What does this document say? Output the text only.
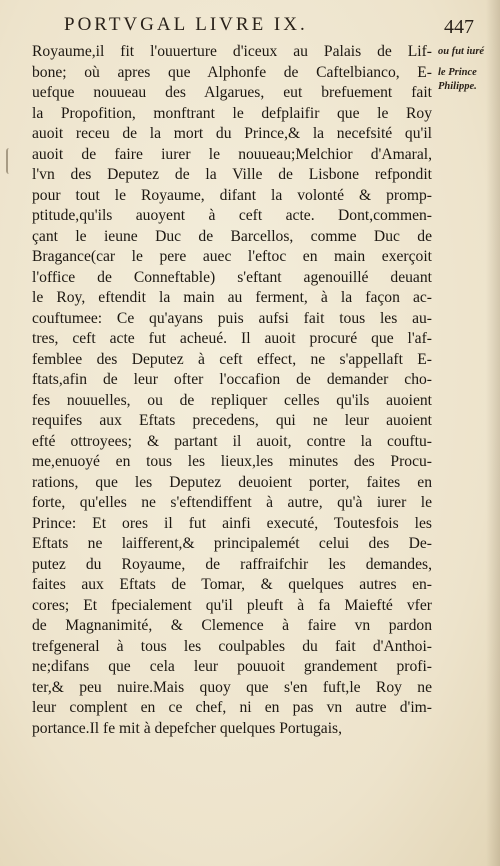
PORTVGAL LIVRE IX.	447
Royaume,il fit l'ouuerture d'iceux au Palais de Lif-
bone; où apres que Alphonfe de Caftelbianco, E-
uefque nouueau des Algarues, eut brefuement fait
la Propofition, monftrant le defplaifir que le Roy
auoit receu de la mort du Prince,& la necefsité qu'il
auoit de faire iurer le nouueau;Melchior d'Amaral,
l'vn des Deputez de la Ville de Lisbone refpondit
pour tout le Royaume, difant la volonté & promp-
ptitude,qu'ils auoyent à ceft acte. Dont,commen-
çant le ieune Duc de Barcellos, comme Duc de
Bragance(car le pere auec l'eftoc en main exerçoit
l'office de Conneftable) s'eftant agenouillé deuant
le Roy, eftendit la main au ferment, à la façon ac-
couftumee: Ce qu'ayans puis aufsi fait tous les au-
tres, ceft acte fut acheué. Il auoit procuré que l'af-
femblee des Deputez à ceft effect, ne s'appellaft E-
ftats,afin de leur ofter l'occafion de demander cho-
fes nouuelles, ou de repliquer celles qu'ils auoient
requifes aux Eftats precedens, qui ne leur auoient
efté ottroyees; & partant il auoit, contre la couftu-
me,enuoyé en tous les lieux,les minutes des Procu-
rations, que les Deputez deuoient porter, faites en
forte, qu'elles ne s'eftendiffent à autre, qu'à iurer le
Prince: Et ores il fut ainfi executé, Toutesfois les
Eftats ne laifferent,& principalemét celui des De-
putez du Royaume, de raffraifchir les demandes,
faites aux Eftats de Tomar, & quelques autres en-
cores; Et fpecialement qu'il pleuft à fa Maiefté vfer
de Magnanimité, & Clemence à faire vn pardon
trefgeneral à tous les coulpables du fait d'Anthoi-
ne;difans que cela leur pouuoit grandement profi-
ter,& peu nuire.Mais quoy que s'en fuft,le Roy ne
leur complent en ce chef, ni en pas vn autre d'im-
portance.Il fe mit à depefcher quelques Portugais,
ou fut iuré
le Prince
Philippe.
